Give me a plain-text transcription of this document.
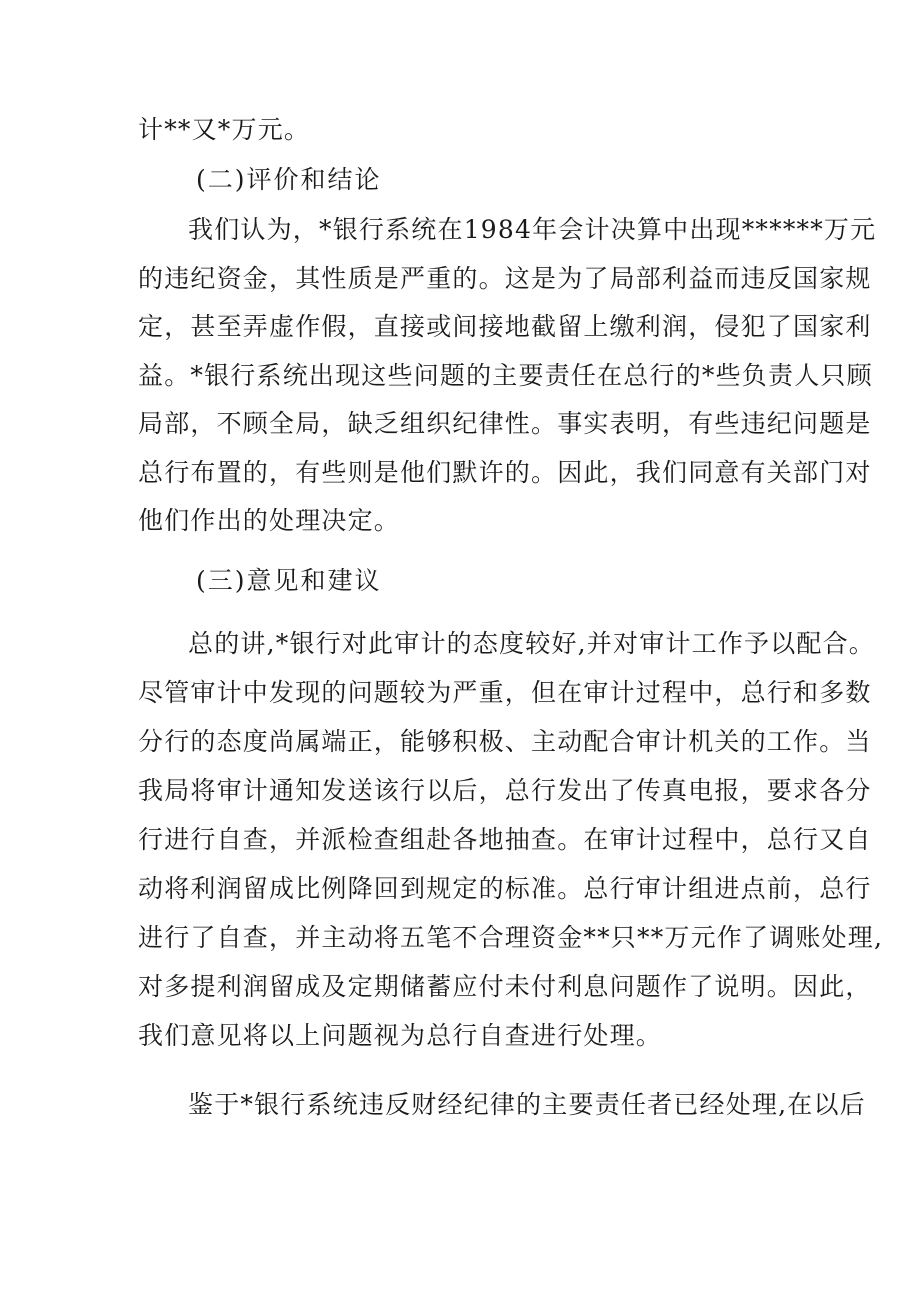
计**又*万元。
(二)评价和结论
我们认为，*银行系统在1984年会计决算中出现******万元
的违纪资金，其性质是严重的。这是为了局部利益而违反国家规
定，甚至弄虚作假，直接或间接地截留上缴利润，侵犯了国家利
益。*银行系统出现这些问题的主要责任在总行的*些负责人只顾
局部，不顾全局，缺乏组织纪律性。事实表明，有些违纪问题是
总行布置的，有些则是他们默许的。因此，我们同意有关部门对
他们作出的处理决定。
(三)意见和建议
总的讲,*银行对此审计的态度较好,并对审计工作予以配合。
尽管审计中发现的问题较为严重，但在审计过程中，总行和多数
分行的态度尚属端正，能够积极、主动配合审计机关的工作。当
我局将审计通知发送该行以后，总行发出了传真电报，要求各分
行进行自查，并派检查组赴各地抽查。在审计过程中，总行又自
动将利润留成比例降回到规定的标准。总行审计组进点前，总行
进行了自查，并主动将五笔不合理资金**只**万元作了调账处理,
对多提利润留成及定期储蓄应付未付利息问题作了说明。因此，
我们意见将以上问题视为总行自查进行处理。
鉴于*银行系统违反财经纪律的主要责任者已经处理,在以后
